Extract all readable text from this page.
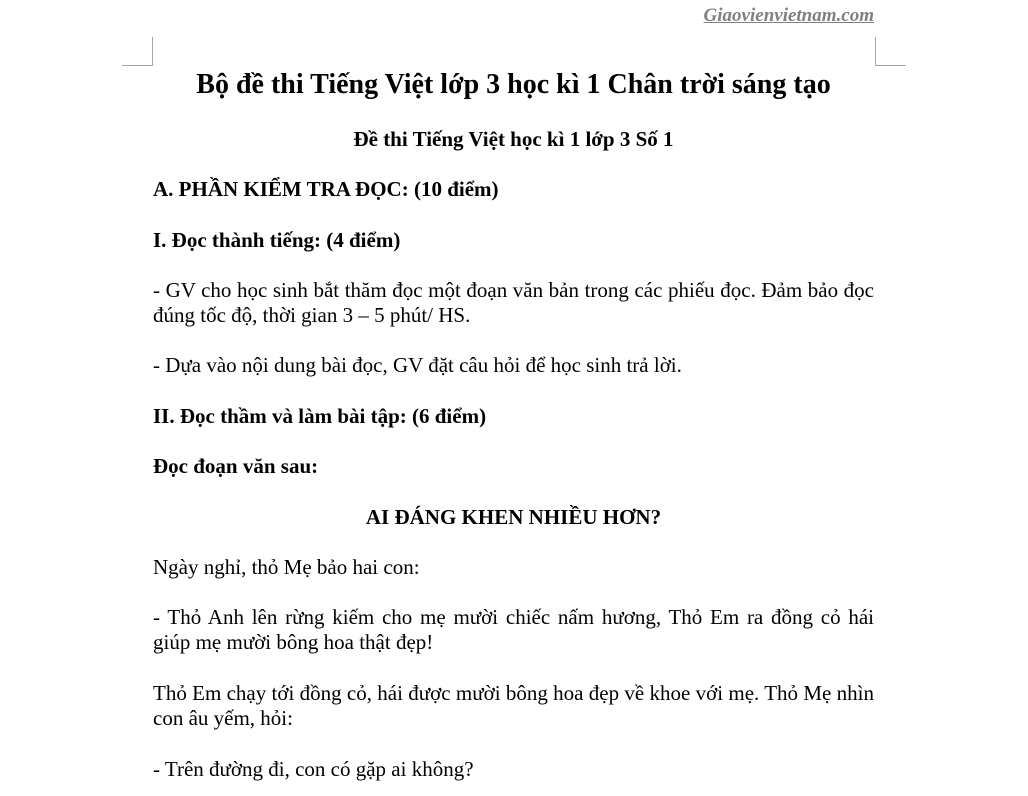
Giaovienvietnam.com
Bộ đề thi Tiếng Việt lớp 3 học kì 1 Chân trời sáng tạo

Đề thi Tiếng Việt học kì 1 lớp 3 Số 1

A. PHẦN KIỂM TRA ĐỌC: (10 điểm)

I. Đọc thành tiếng: (4 điểm)

- GV cho học sinh bắt thăm đọc một đoạn văn bản trong các phiếu đọc. Đảm bảo đọc đúng tốc độ, thời gian 3 – 5 phút/ HS.

- Dựa vào nội dung bài đọc, GV đặt câu hỏi để học sinh trả lời.

II. Đọc thầm và làm bài tập: (6 điểm)

Đọc đoạn văn sau:

AI ĐÁNG KHEN NHIỀU HƠN?

Ngày nghỉ, thỏ Mẹ bảo hai con:

- Thỏ Anh lên rừng kiếm cho mẹ mười chiếc nấm hương, Thỏ Em ra đồng cỏ hái giúp mẹ mười bông hoa thật đẹp!

Thỏ Em chạy tới đồng cỏ, hái được mười bông hoa đẹp về khoe với mẹ. Thỏ Mẹ nhìn con âu yếm, hỏi:

- Trên đường đi, con có gặp ai không?
